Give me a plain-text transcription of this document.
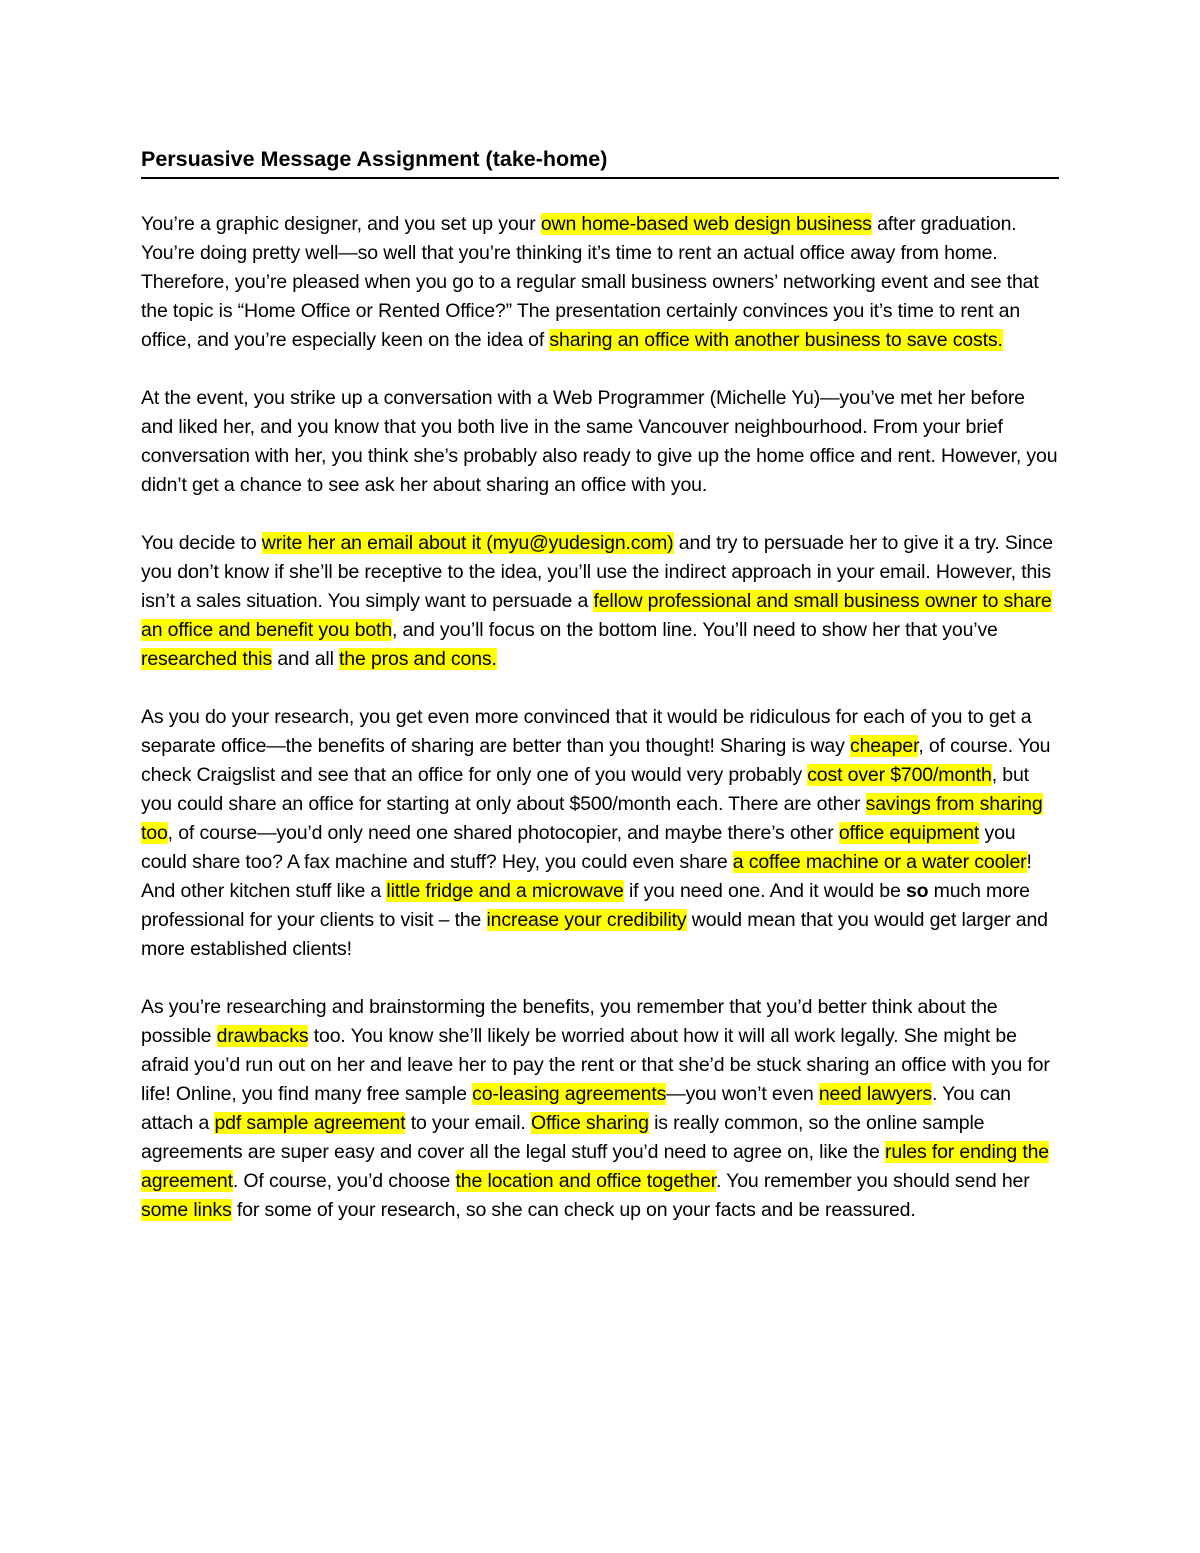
Persuasive Message Assignment (take-home)

You’re a graphic designer, and you set up your own home-based web design business after graduation. You’re doing pretty well—so well that you’re thinking it’s time to rent an actual office away from home. Therefore, you’re pleased when you go to a regular small business owners’ networking event and see that the topic is “Home Office or Rented Office?” The presentation certainly convinces you it’s time to rent an office, and you’re especially keen on the idea of sharing an office with another business to save costs.

At the event, you strike up a conversation with a Web Programmer (Michelle Yu)—you’ve met her before and liked her, and you know that you both live in the same Vancouver neighbourhood. From your brief conversation with her, you think she’s probably also ready to give up the home office and rent. However, you didn’t get a chance to see ask her about sharing an office with you.

You decide to write her an email about it (myu@yudesign.com) and try to persuade her to give it a try. Since you don’t know if she’ll be receptive to the idea, you’ll use the indirect approach in your email. However, this isn’t a sales situation. You simply want to persuade a fellow professional and small business owner to share an office and benefit you both, and you’ll focus on the bottom line. You’ll need to show her that you’ve researched this and all the pros and cons.

As you do your research, you get even more convinced that it would be ridiculous for each of you to get a separate office—the benefits of sharing are better than you thought! Sharing is way cheaper, of course. You check Craigslist and see that an office for only one of you would very probably cost over $700/month, but you could share an office for starting at only about $500/month each. There are other savings from sharing too, of course—you’d only need one shared photocopier, and maybe there’s other office equipment you could share too? A fax machine and stuff? Hey, you could even share a coffee machine or a water cooler! And other kitchen stuff like a little fridge and a microwave if you need one. And it would be so much more professional for your clients to visit – the increase your credibility would mean that you would get larger and more established clients!

As you’re researching and brainstorming the benefits, you remember that you’d better think about the possible drawbacks too. You know she’ll likely be worried about how it will all work legally. She might be afraid you’d run out on her and leave her to pay the rent or that she’d be stuck sharing an office with you for life! Online, you find many free sample co-leasing agreements—you won’t even need lawyers. You can attach a pdf sample agreement to your email. Office sharing is really common, so the online sample agreements are super easy and cover all the legal stuff you’d need to agree on, like the rules for ending the agreement. Of course, you’d choose the location and office together. You remember you should send her some links for some of your research, so she can check up on your facts and be reassured.
